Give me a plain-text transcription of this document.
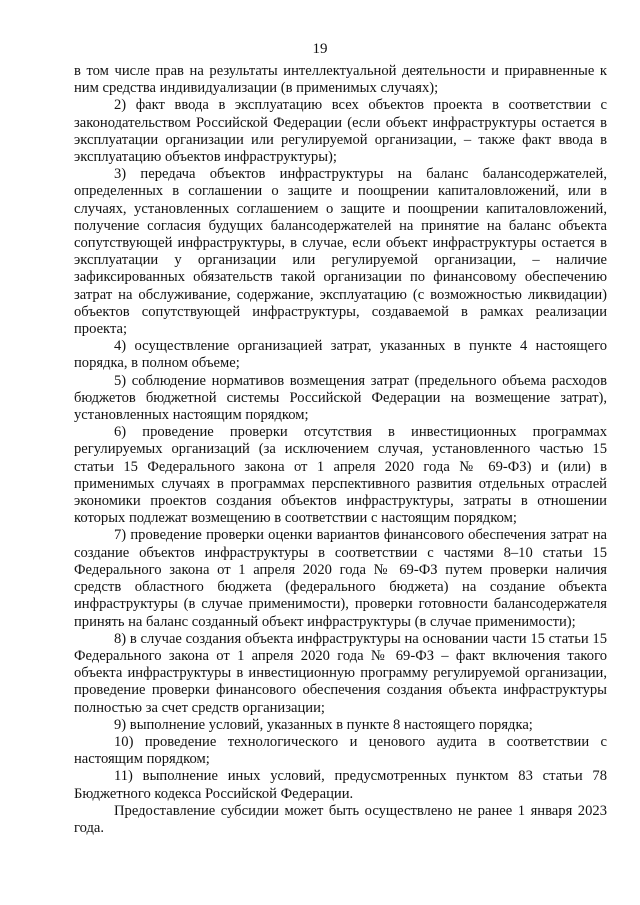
19

в том числе прав на результаты интеллектуальной деятельности и приравненные к ним средства индивидуализации (в применимых случаях);

2) факт ввода в эксплуатацию всех объектов проекта в соответствии с законодательством Российской Федерации (если объект инфраструктуры остается в эксплуатации организации или регулируемой организации, – также факт ввода в эксплуатацию объектов инфраструктуры);

3) передача объектов инфраструктуры на баланс балансодержателей, определенных в соглашении о защите и поощрении капиталовложений, или в случаях, установленных соглашением о защите и поощрении капиталовложений, получение согласия будущих балансодержателей на принятие на баланс объекта сопутствующей инфраструктуры, в случае, если объект инфраструктуры остается в эксплуатации у организации или регулируемой организации, – наличие зафиксированных обязательств такой организации по финансовому обеспечению затрат на обслуживание, содержание, эксплуатацию (с возможностью ликвидации) объектов сопутствующей инфраструктуры, создаваемой в рамках реализации проекта;

4) осуществление организацией затрат, указанных в пункте 4 настоящего порядка, в полном объеме;

5) соблюдение нормативов возмещения затрат (предельного объема расходов бюджетов бюджетной системы Российской Федерации на возмещение затрат), установленных настоящим порядком;

6) проведение проверки отсутствия в инвестиционных программах регулируемых организаций (за исключением случая, установленного частью 15 статьи 15 Федерального закона от 1 апреля 2020 года № 69-ФЗ) и (или) в применимых случаях в программах перспективного развития отдельных отраслей экономики проектов создания объектов инфраструктуры, затраты в отношении которых подлежат возмещению в соответствии с настоящим порядком;

7) проведение проверки оценки вариантов финансового обеспечения затрат на создание объектов инфраструктуры в соответствии с частями 8–10 статьи 15 Федерального закона от 1 апреля 2020 года № 69-ФЗ путем проверки наличия средств областного бюджета (федерального бюджета) на создание объекта инфраструктуры (в случае применимости), проверки готовности балансодержателя принять на баланс созданный объект инфраструктуры (в случае применимости);

8) в случае создания объекта инфраструктуры на основании части 15 статьи 15 Федерального закона от 1 апреля 2020 года № 69-ФЗ – факт включения такого объекта инфраструктуры в инвестиционную программу регулируемой организации, проведение проверки финансового обеспечения создания объекта инфраструктуры полностью за счет средств организации;

9) выполнение условий, указанных в пункте 8 настоящего порядка;

10) проведение технологического и ценового аудита в соответствии с настоящим порядком;

11) выполнение иных условий, предусмотренных пунктом 83 статьи 78 Бюджетного кодекса Российской Федерации.

Предоставление субсидии может быть осуществлено не ранее 1 января 2023 года.
